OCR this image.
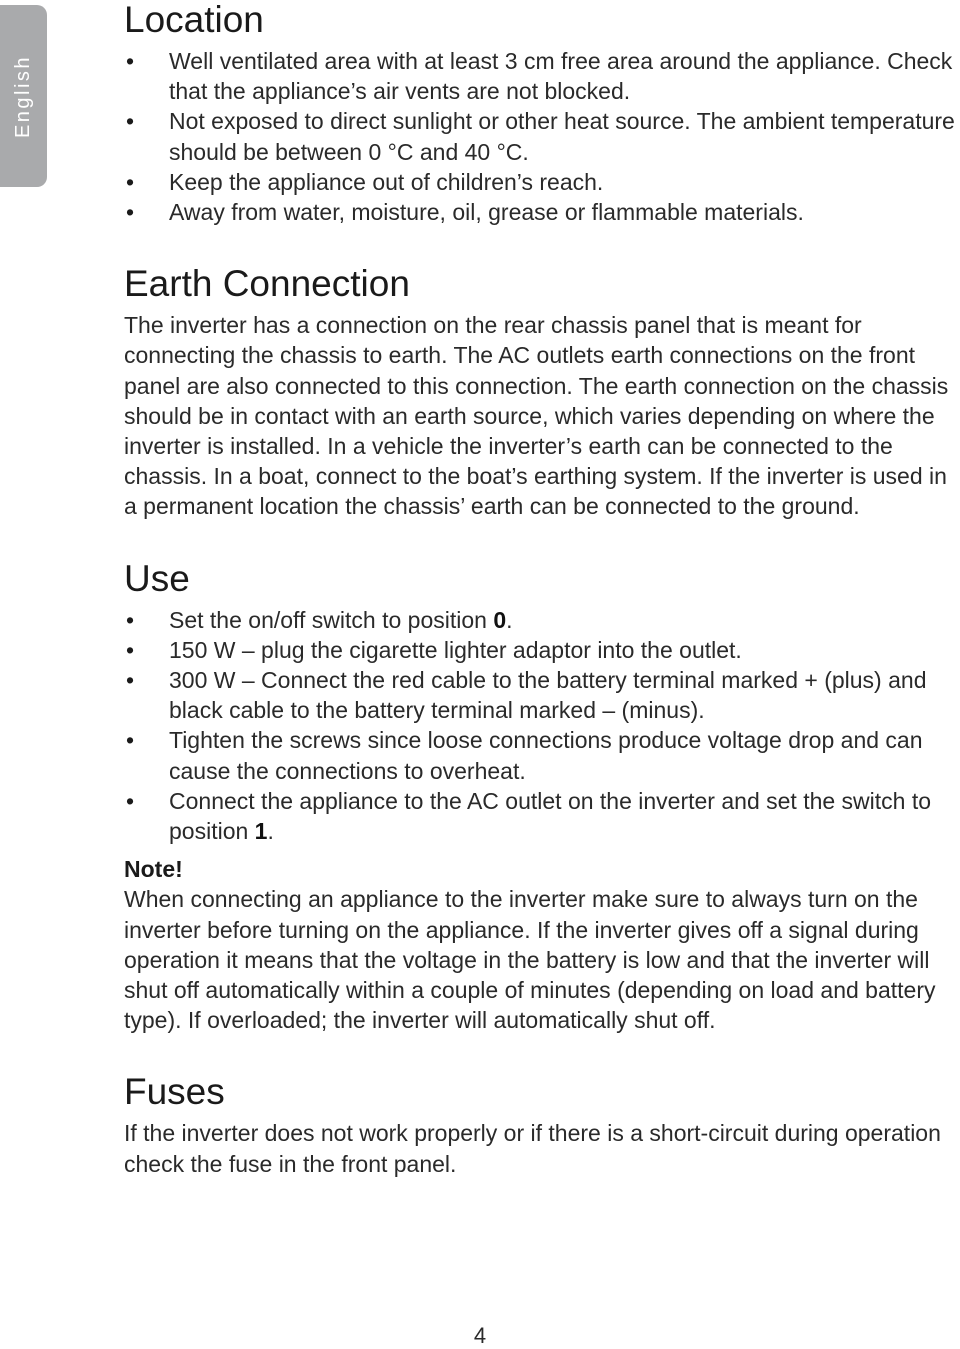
English
Location
• Well ventilated area with at least 3 cm free area around the appliance. Check that the appliance’s air vents are not blocked.
• Not exposed to direct sunlight or other heat source. The ambient temperature should be between 0 °C and 40 °C.
• Keep the appliance out of children’s reach.
• Away from water, moisture, oil, grease or flammable materials.
Earth Connection

The inverter has a connection on the rear chassis panel that is meant for connecting the chassis to earth. The AC outlets earth connections on the front panel are also connected to this connection. The earth connection on the chassis should be in contact with an earth source, which varies depending on where the inverter is installed. In a vehicle the inverter’s earth can be connected to the chassis. In a boat, connect to the boat’s earthing system. If the inverter is used in a permanent location the chassis’ earth can be connected to the ground.

Use
• Set the on/off switch to position 0.
• 150 W – plug the cigarette lighter adaptor into the outlet.
• 300 W – Connect the red cable to the battery terminal marked + (plus) and black cable to the battery terminal marked – (minus).
• Tighten the screws since loose connections produce voltage drop and can cause the connections to overheat.
• Connect the appliance to the AC outlet on the inverter and set the switch to position 1.
Note!

When connecting an appliance to the inverter make sure to always turn on the inverter before turning on the appliance. If the inverter gives off a signal during operation it means that the voltage in the battery is low and that the inverter will shut off automatically within a couple of minutes (depending on load and battery type). If overloaded; the inverter will automatically shut off.

Fuses

If the inverter does not work properly or if there is a short-circuit during operation check the fuse in the front panel.

4
